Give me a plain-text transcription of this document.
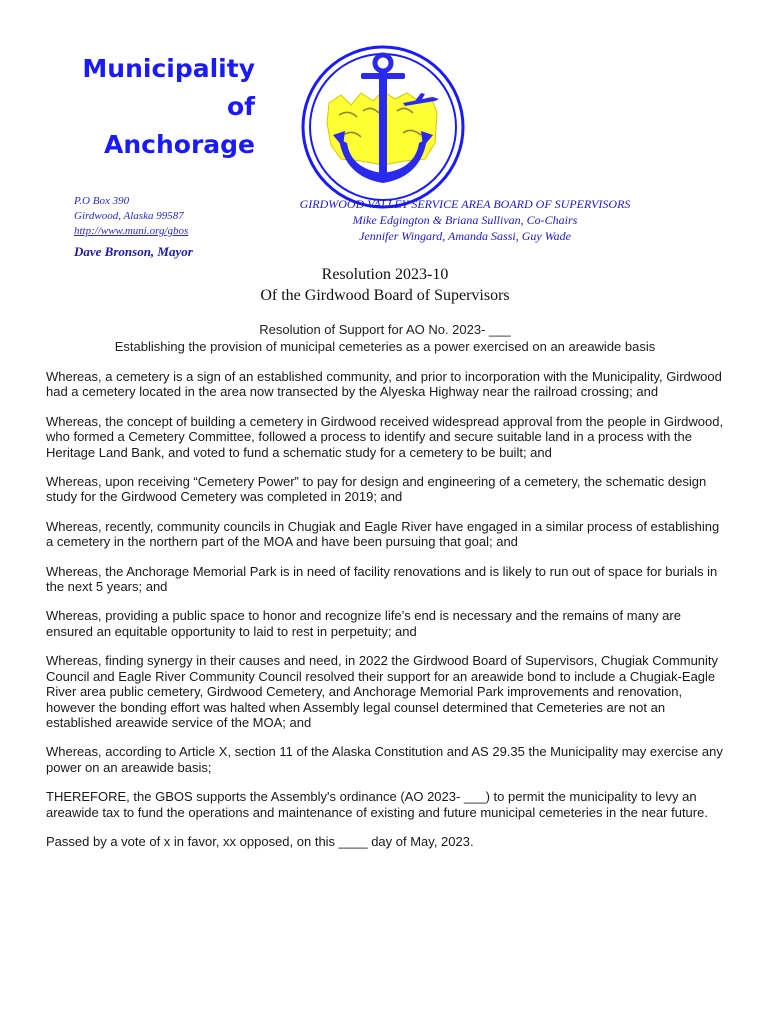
Municipality
of
Anchorage
P.O Box 390
Girdwood, Alaska 99587
http://www.muni.org/gbos
Dave Bronson, Mayor
GIRDWOOD VALLEY SERVICE AREA BOARD OF SUPERVISORS
Mike Edgington & Briana Sullivan, Co-Chairs
Jennifer Wingard, Amanda Sassi, Guy Wade
Resolution 2023-10
Of the Girdwood Board of Supervisors
Resolution of Support for AO No. 2023- ___
Establishing the provision of municipal cemeteries as a power exercised on an areawide basis

Whereas, a cemetery is a sign of an established community, and prior to incorporation with the Municipality, Girdwood had a cemetery located in the area now transected by the Alyeska Highway near the railroad crossing; and

Whereas, the concept of building a cemetery in Girdwood received widespread approval from the people in Girdwood, who formed a Cemetery Committee, followed a process to identify and secure suitable land in a process with the Heritage Land Bank, and voted to fund a schematic study for a cemetery to be built; and

Whereas, upon receiving “Cemetery Power” to pay for design and engineering of a cemetery, the schematic design study for the Girdwood Cemetery was completed in 2019; and

Whereas, recently, community councils in Chugiak and Eagle River have engaged in a similar process of establishing a cemetery in the northern part of the MOA and have been pursuing that goal; and

Whereas, the Anchorage Memorial Park is in need of facility renovations and is likely to run out of space for burials in the next 5 years; and

Whereas, providing a public space to honor and recognize life’s end is necessary and the remains of many are ensured an equitable opportunity to laid to rest in perpetuity; and

Whereas, finding synergy in their causes and need, in 2022 the Girdwood Board of Supervisors, Chugiak Community Council and Eagle River Community Council resolved their support for an areawide bond to include a Chugiak-Eagle River area public cemetery, Girdwood Cemetery, and Anchorage Memorial Park improvements and renovation, however the bonding effort was halted when Assembly legal counsel determined that Cemeteries are not an established areawide service of the MOA; and

Whereas, according to Article X, section 11 of the Alaska Constitution and AS 29.35 the Municipality may exercise any power on an areawide basis;

THEREFORE, the GBOS supports the Assembly's ordinance (AO 2023- ___) to permit the municipality to levy an areawide tax to fund the operations and maintenance of existing and future municipal cemeteries in the near future.

Passed by a vote of x in favor, xx opposed, on this ____ day of May, 2023.
